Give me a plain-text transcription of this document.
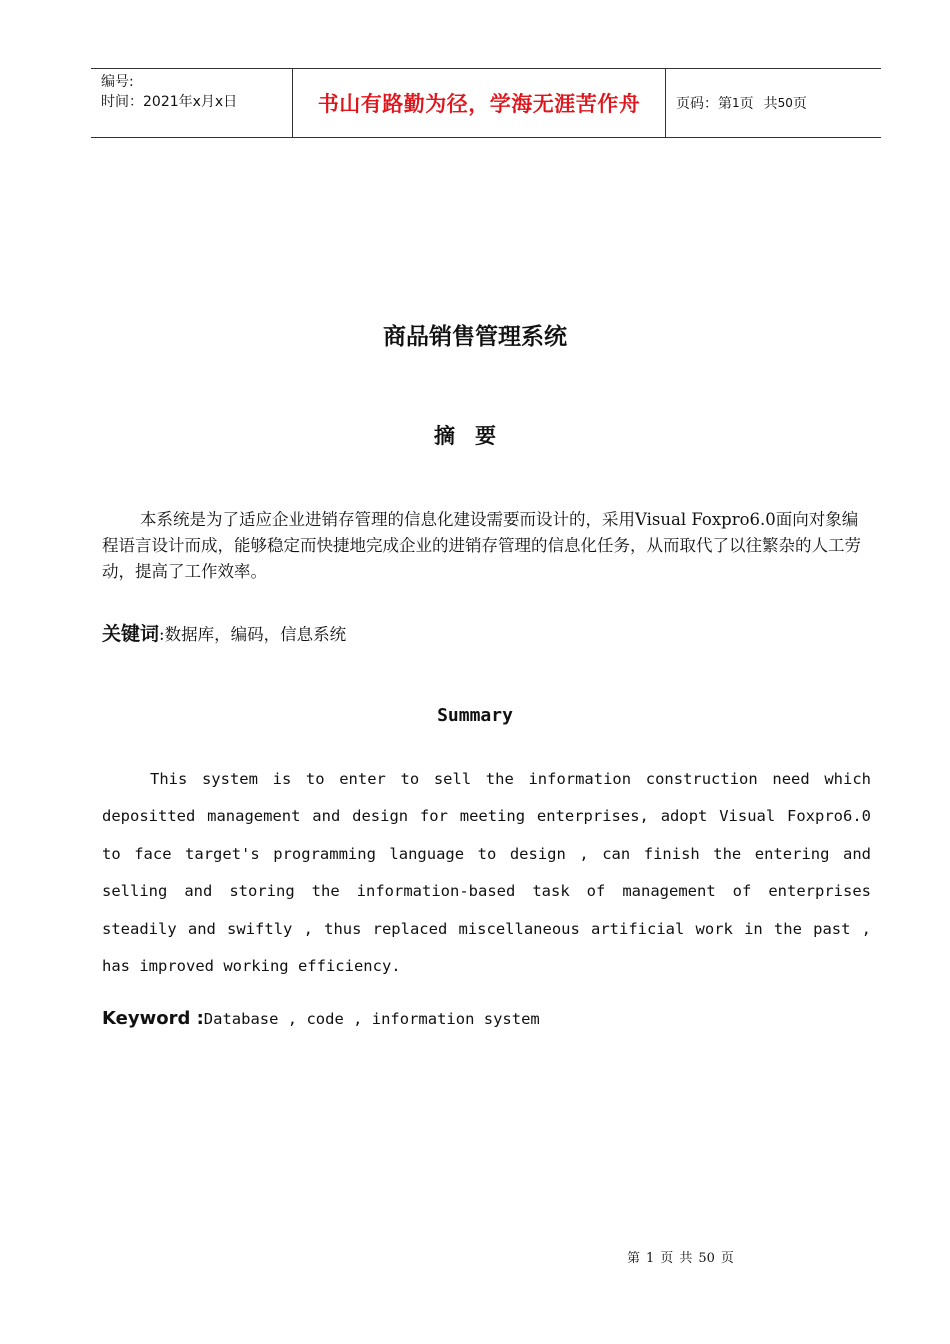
编号:
时间：2021年x月x日	书山有路勤为径，学海无涯苦作舟	页码：第 1 页 共 50 页
商品销售管理系统
摘要
本系统是为了适应企业进销存管理的信息化建设需要而设计的，采用Visual Foxpro6.0面向对象编程语言设计而成，能够稳定而快捷地完成企业的进销存管理的信息化任务，从而取代了以往繁杂的人工劳动，提高了工作效率。
关键词:数据库，编码，信息系统
Summary
This system is to enter to sell the information construction need which depositted management and design for meeting enterprises, adopt Visual Foxpro6.0 to face target's programming language to design , can finish the entering and selling and storing the information-based task of management of enterprises steadily and swiftly , thus replaced miscellaneous artificial work in the past , has improved working efficiency.
Keyword :Database , code , information system
第 1 页 共 50 页
